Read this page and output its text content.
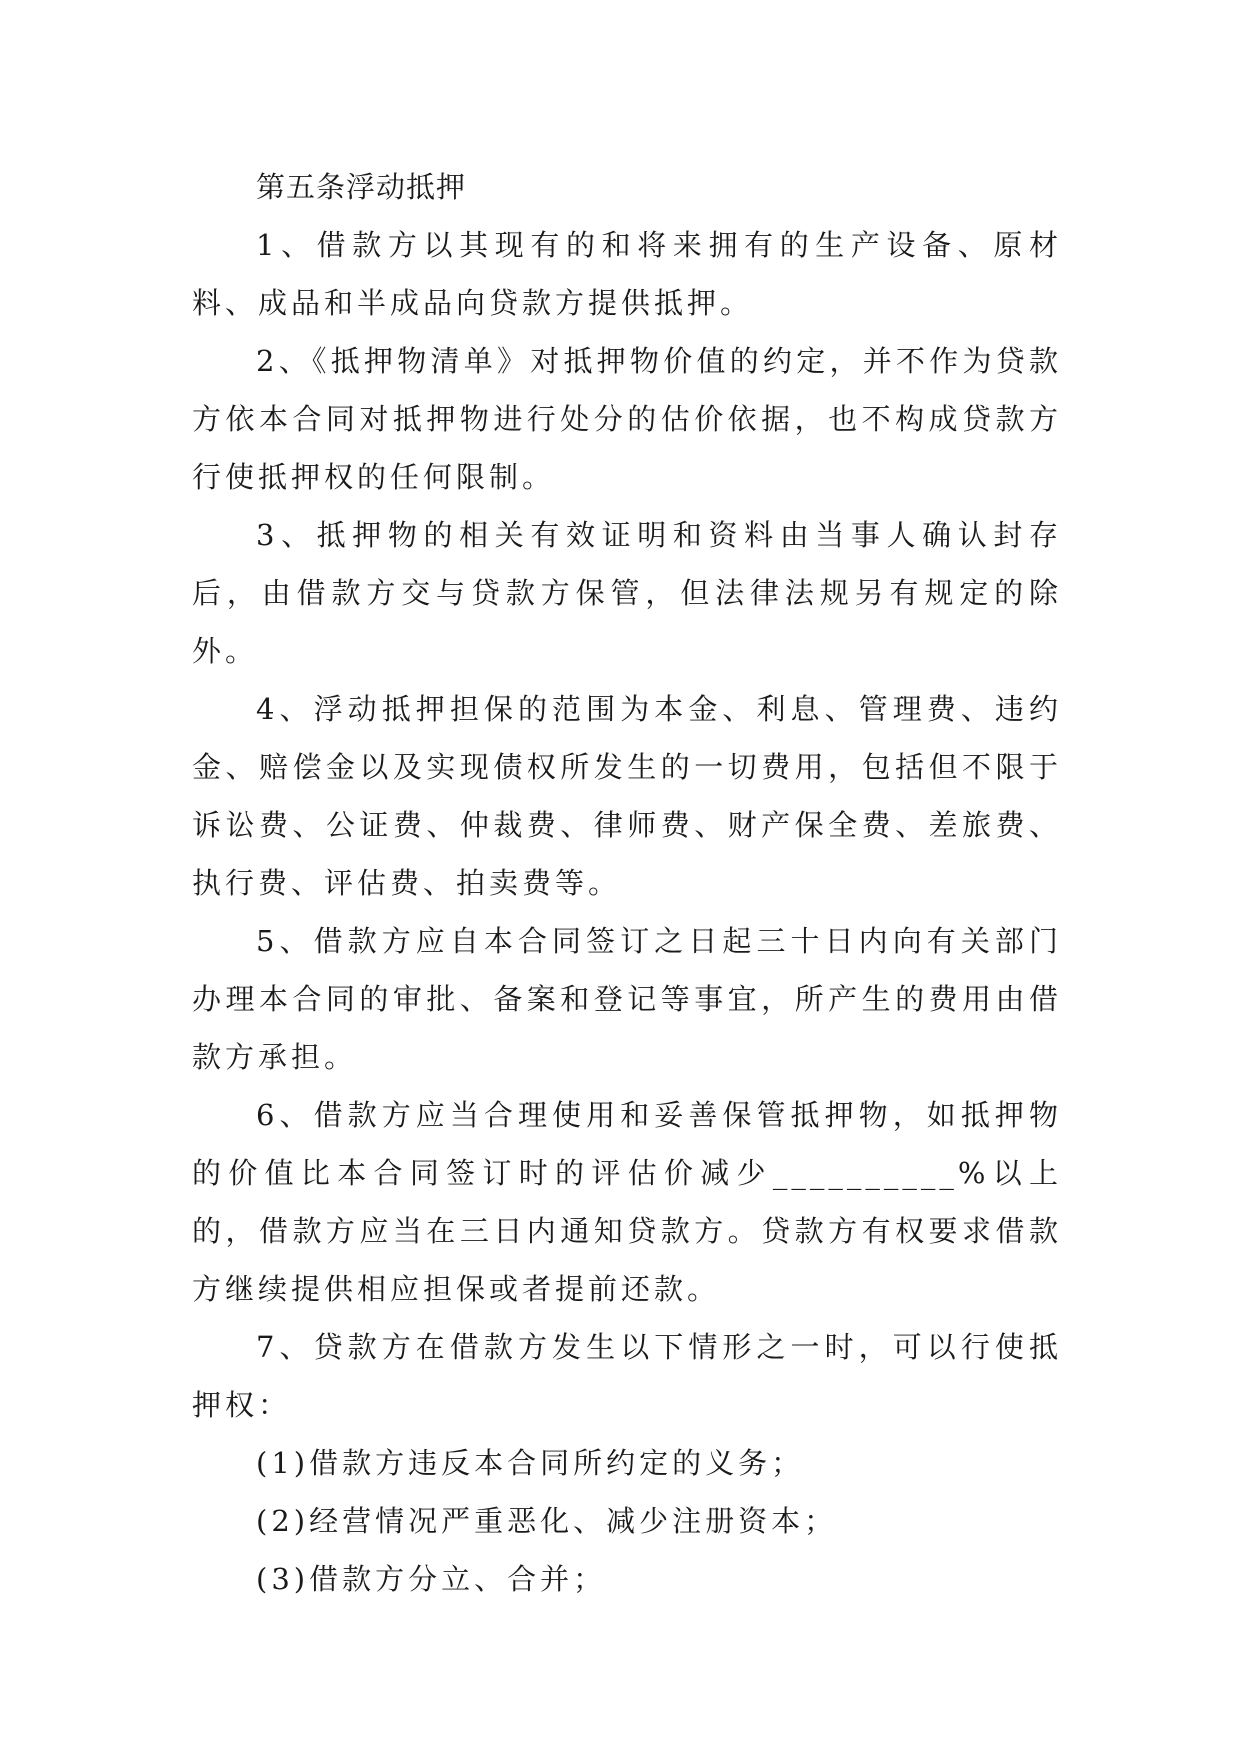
第五条浮动抵押

1、借款方以其现有的和将来拥有的生产设备、原材料、成品和半成品向贷款方提供抵押。

2、《抵押物清单》对抵押物价值的约定，并不作为贷款方依本合同对抵押物进行处分的估价依据，也不构成贷款方行使抵押权的任何限制。

3、抵押物的相关有效证明和资料由当事人确认封存后，由借款方交与贷款方保管，但法律法规另有规定的除外。

4、浮动抵押担保的范围为本金、利息、管理费、违约金、赔偿金以及实现债权所发生的一切费用，包括但不限于诉讼费、公证费、仲裁费、律师费、财产保全费、差旅费、执行费、评估费、拍卖费等。

5、借款方应自本合同签订之日起三十日内向有关部门办理本合同的审批、备案和登记等事宜，所产生的费用由借款方承担。

6、借款方应当合理使用和妥善保管抵押物，如抵押物的价值比本合同签订时的评估价减少__________%以上的，借款方应当在三日内通知贷款方。贷款方有权要求借款方继续提供相应担保或者提前还款。

7、贷款方在借款方发生以下情形之一时，可以行使抵押权：

(1)借款方违反本合同所约定的义务；

(2)经营情况严重恶化、减少注册资本；

(3)借款方分立、合并；
